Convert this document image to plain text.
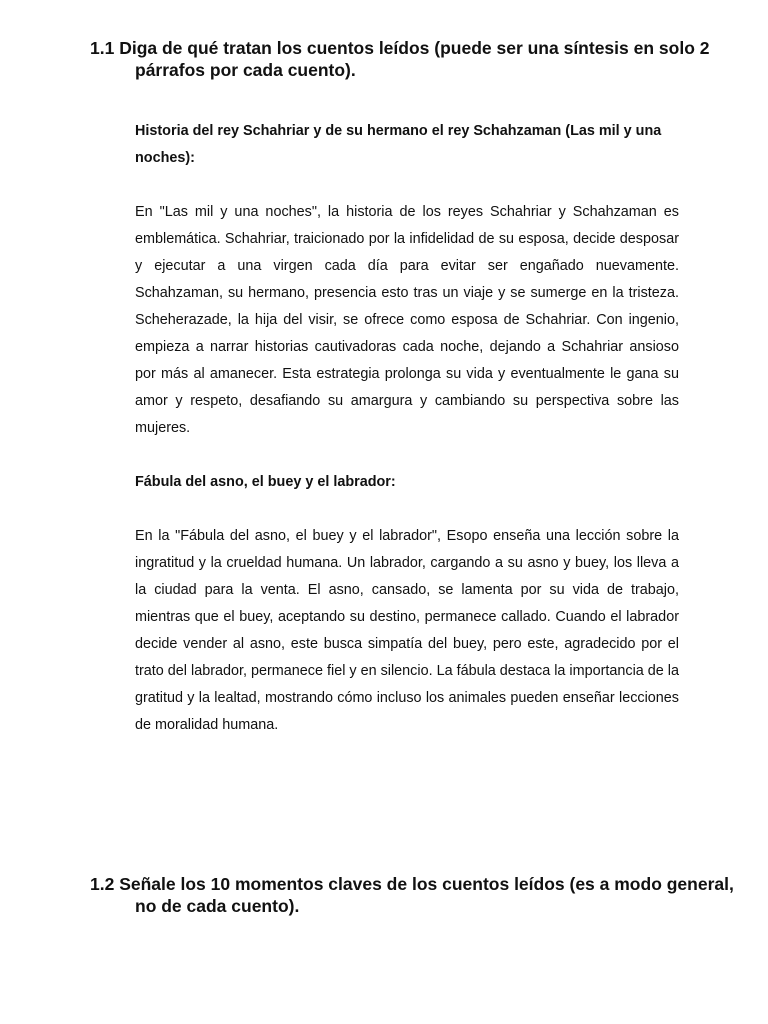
1.1 Diga de qué tratan los cuentos leídos (puede ser una síntesis en solo 2 párrafos por cada cuento).
Historia del rey Schahriar y de su hermano el rey Schahzaman (Las mil y una noches):

En "Las mil y una noches", la historia de los reyes Schahriar y Schahzaman es emblemática. Schahriar, traicionado por la infidelidad de su esposa, decide desposar y ejecutar a una virgen cada día para evitar ser engañado nuevamente. Schahzaman, su hermano, presencia esto tras un viaje y se sumerge en la tristeza. Scheherazade, la hija del visir, se ofrece como esposa de Schahriar. Con ingenio, empieza a narrar historias cautivadoras cada noche, dejando a Schahriar ansioso por más al amanecer. Esta estrategia prolonga su vida y eventualmente le gana su amor y respeto, desafiando su amargura y cambiando su perspectiva sobre las mujeres.

Fábula del asno, el buey y el labrador:

En la "Fábula del asno, el buey y el labrador", Esopo enseña una lección sobre la ingratitud y la crueldad humana. Un labrador, cargando a su asno y buey, los lleva a la ciudad para la venta. El asno, cansado, se lamenta por su vida de trabajo, mientras que el buey, aceptando su destino, permanece callado. Cuando el labrador decide vender al asno, este busca simpatía del buey, pero este, agradecido por el trato del labrador, permanece fiel y en silencio. La fábula destaca la importancia de la gratitud y la lealtad, mostrando cómo incluso los animales pueden enseñar lecciones de moralidad humana.

1.2 Señale los 10 momentos claves de los cuentos leídos (es a modo general, no de cada cuento).
